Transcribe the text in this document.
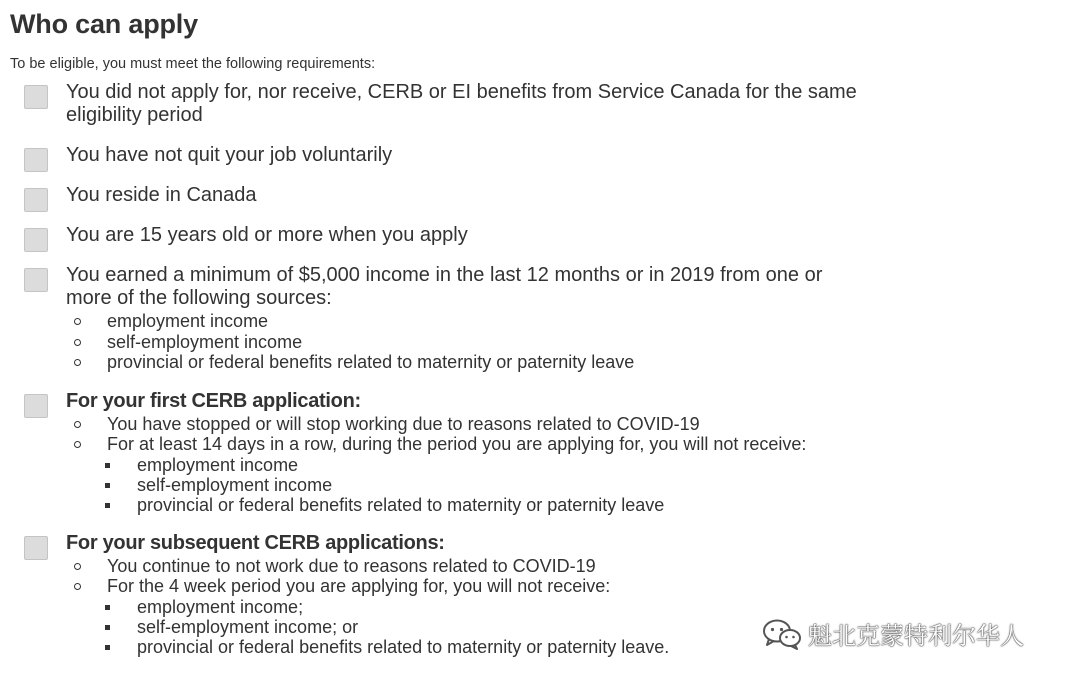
Who can apply

To be eligible, you must meet the following requirements:

You did not apply for, nor receive, CERB or EI benefits from Service Canada for the same eligibility period
You have not quit your job voluntarily
You reside in Canada
You are 15 years old or more when you apply
You earned a minimum of $5,000 income in the last 12 months or in 2019 from one or more of the following sources:
employment income
self-employment income
provincial or federal benefits related to maternity or paternity leave
For your first CERB application:
You have stopped or will stop working due to reasons related to COVID-19
For at least 14 days in a row, during the period you are applying for, you will not receive:
employment income
self-employment income
provincial or federal benefits related to maternity or paternity leave
For your subsequent CERB applications:
You continue to not work due to reasons related to COVID-19
For the 4 week period you are applying for, you will not receive:
employment income;
self-employment income; or
provincial or federal benefits related to maternity or paternity leave.	魁北克蒙特利尔华人
